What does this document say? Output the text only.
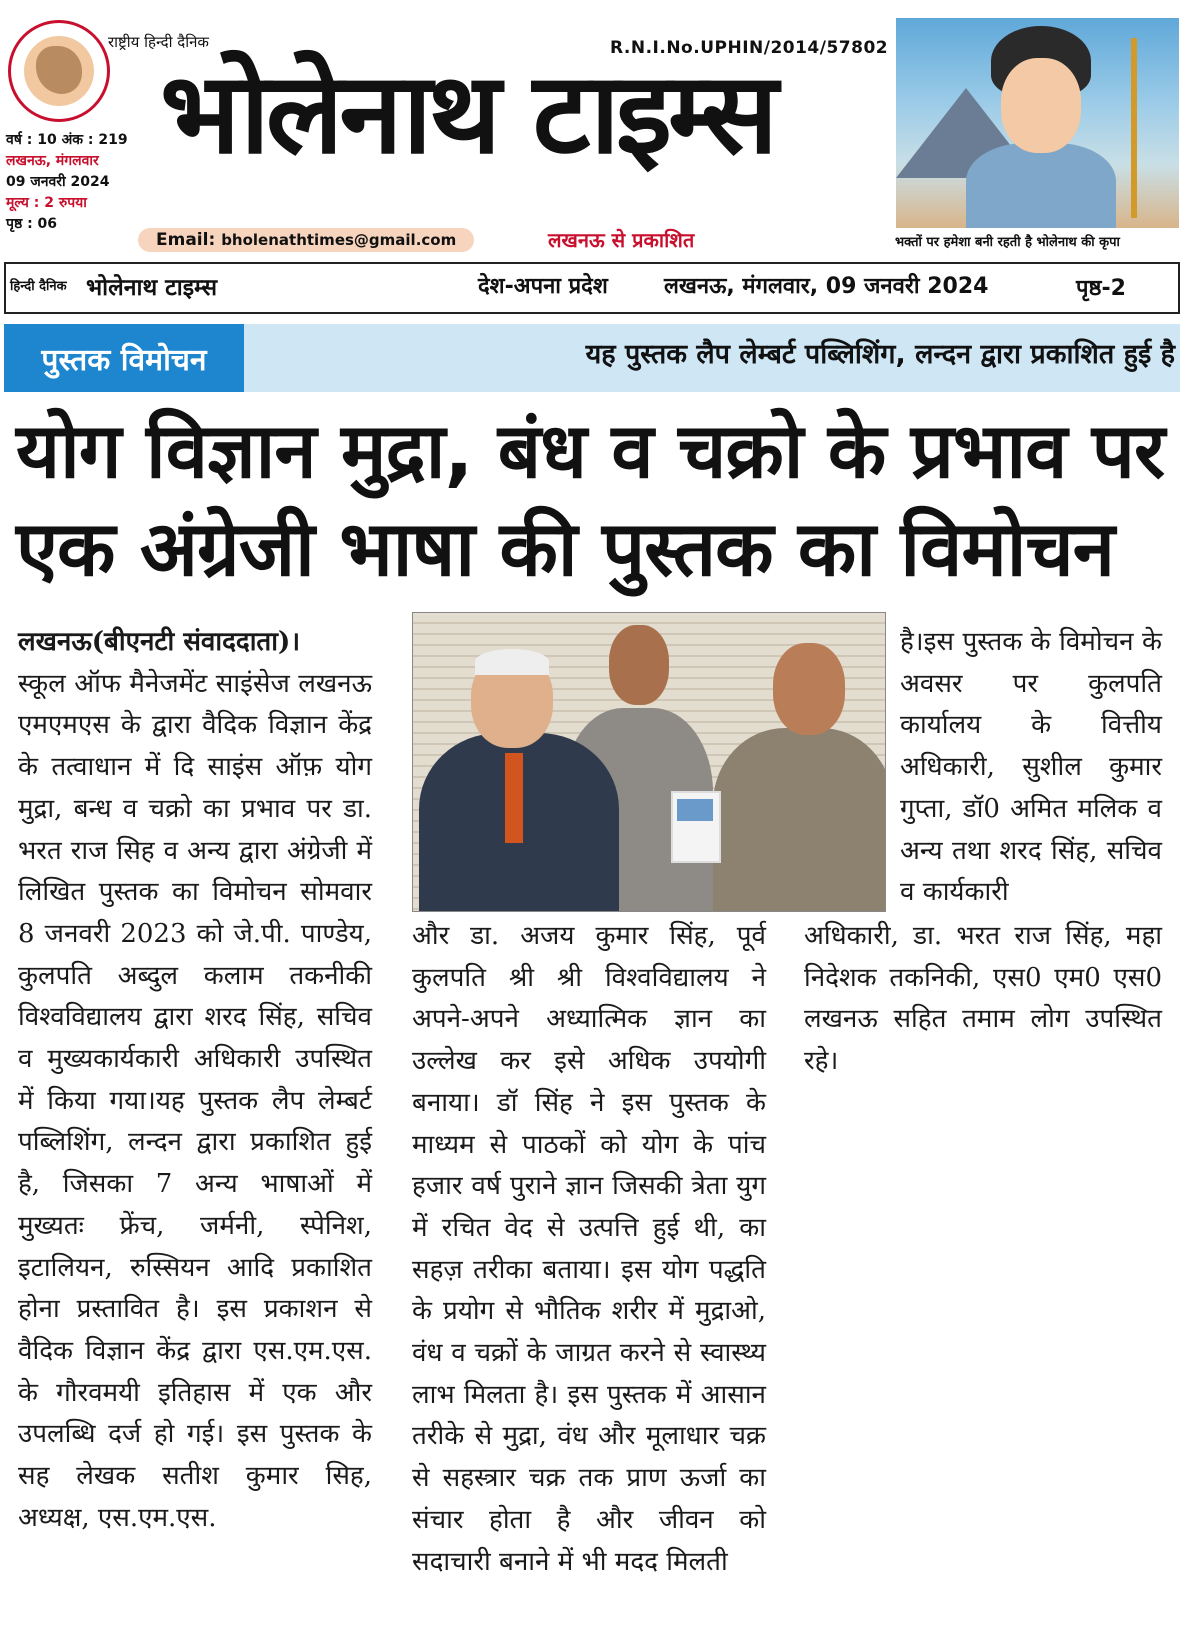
राष्ट्रीय हिन्दी दैनिक	R.N.I.No.UPHIN/2014/57802
भोलेनाथ टाइम्स
वर्ष : 10 अंक : 219
लखनऊ, मंगलवार
09 जनवरी 2024
मूल्य : 2 रुपया
पृष्ठ : 06
Email: bholenathtimes@gmail.com	लखनऊ से प्रकाशित	भक्तों पर हमेशा बनी रहती है भोलेनाथ की कृपा
हिन्दी दैनिक भोलेनाथ टाइम्स	देश-अपना प्रदेश	लखनऊ, मंगलवार, 09 जनवरी 2024	पृष्ठ-2
पुस्तक विमोचन	यह पुस्तक लैप लेम्बर्ट पब्लिशिंग, लन्दन द्वारा प्रकाशित हुई है
योग विज्ञान मुद्रा, बंध व चक्रो के प्रभाव पर
एक अंग्रेजी भाषा की पुस्तक का विमोचन

लखनऊ(बीएनटी संवाददाता)।

स्कूल ऑफ मैनेजमेंट साइंसेज लखनऊ एमएमएस के द्वारा वैदिक विज्ञान केंद्र के तत्वाधान में दि साइंस ऑफ़ योग मुद्रा, बन्ध व चक्रो का प्रभाव पर डा. भरत राज सिह व अन्य द्वारा अंग्रेजी में लिखित पुस्तक का विमोचन सोमवार 8 जनवरी 2023 को जे.पी. पाण्डेय, कुलपति अब्दुल कलाम तकनीकी विश्वविद्यालय द्वारा शरद सिंह, सचिव व मुख्यकार्यकारी अधिकारी उपस्थित में किया गया।यह पुस्तक लैप लेम्बर्ट पब्लिशिंग, लन्दन द्वारा प्रकाशित हुई है, जिसका 7 अन्य भाषाओं में मुख्यतः फ्रेंच, जर्मनी, स्पेनिश, इटालियन, रुस्सियन आदि प्रकाशित होना प्रस्तावित है। इस प्रकाशन से वैदिक विज्ञान केंद्र द्वारा एस.एम.एस. के गौरवमयी इतिहास में एक और उपलब्धि दर्ज हो गई। इस पुस्तक के सह लेखक सतीश कुमार सिह, अध्यक्ष, एस.एम.एस.

और डा. अजय कुमार सिंह, पूर्व कुलपति श्री श्री विश्वविद्यालय ने अपने-अपने अध्यात्मिक ज्ञान का उल्लेख कर इसे अधिक उपयोगी बनाया। डॉ सिंह ने इस पुस्तक के माध्यम से पाठकों को योग के पांच हजार वर्ष पुराने ज्ञान जिसकी त्रेता युग में रचित वेद से उत्पत्ति हुई थी, का सहज़ तरीका बताया। इस योग पद्धति के प्रयोग से भौतिक शरीर में मुद्राओ, वंध व चक्रों के जाग्रत करने से स्वास्थ्य लाभ मिलता है। इस पुस्तक में आसान तरीके से मुद्रा, वंध और मूलाधार चक्र से सहस्त्रार चक्र तक प्राण ऊर्जा का संचार होता है और जीवन को सदाचारी बनाने में भी मदद मिलती

है।इस पुस्तक के विमोचन के अवसर पर कुलपति कार्यालय के वित्तीय अधिकारी, सुशील कुमार गुप्ता, डॉ0 अमित मलिक व अन्य तथा शरद सिंह, सचिव व कार्यकारी

अधिकारी, डा. भरत राज सिंह, महा निदेशक तकनिकी, एस0 एम0 एस0 लखनऊ सहित तमाम लोग उपस्थित रहे।
